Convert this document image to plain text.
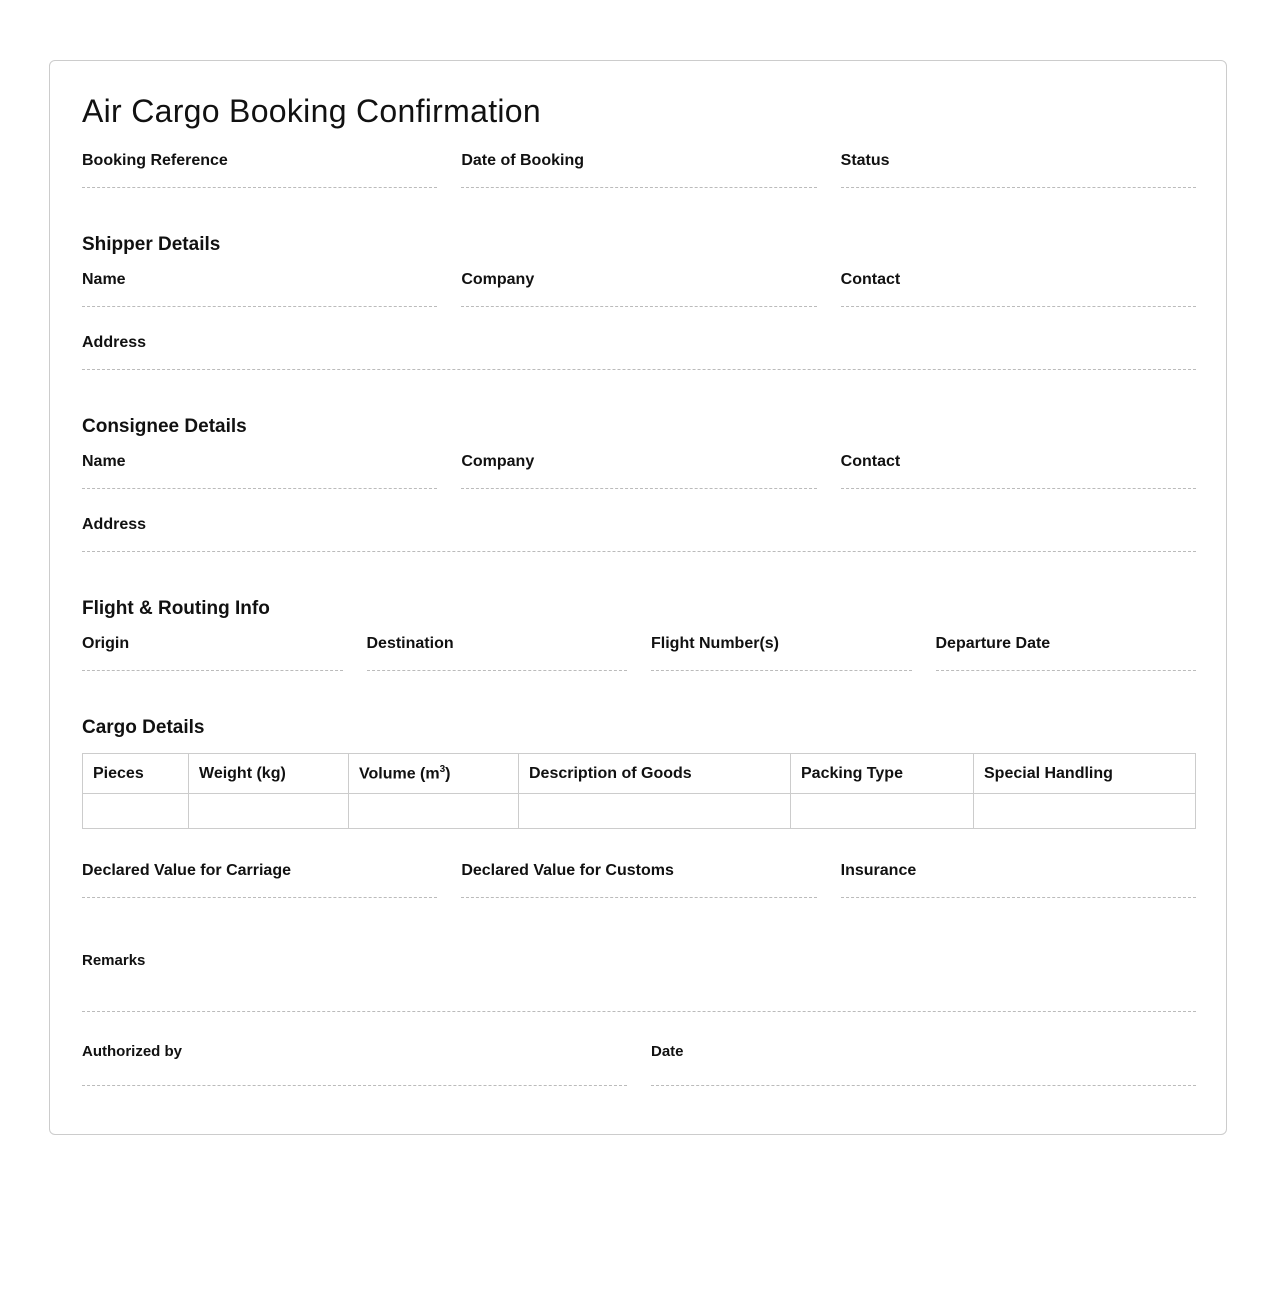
Air Cargo Booking Confirmation
Booking Reference	Date of Booking	Status
Shipper Details
Name	Company	Contact
Address
Consignee Details
Name	Company	Contact
Address
Flight & Routing Info
Origin	Destination	Flight Number(s)	Departure Date
Cargo Details
Pieces	Weight (kg)	Volume $(m^3)$	Description of Goods	Packing Type	Special Handling

Declared Value for Carriage	Declared Value for Customs	Insurance
Remarks
Authorized by	Date
